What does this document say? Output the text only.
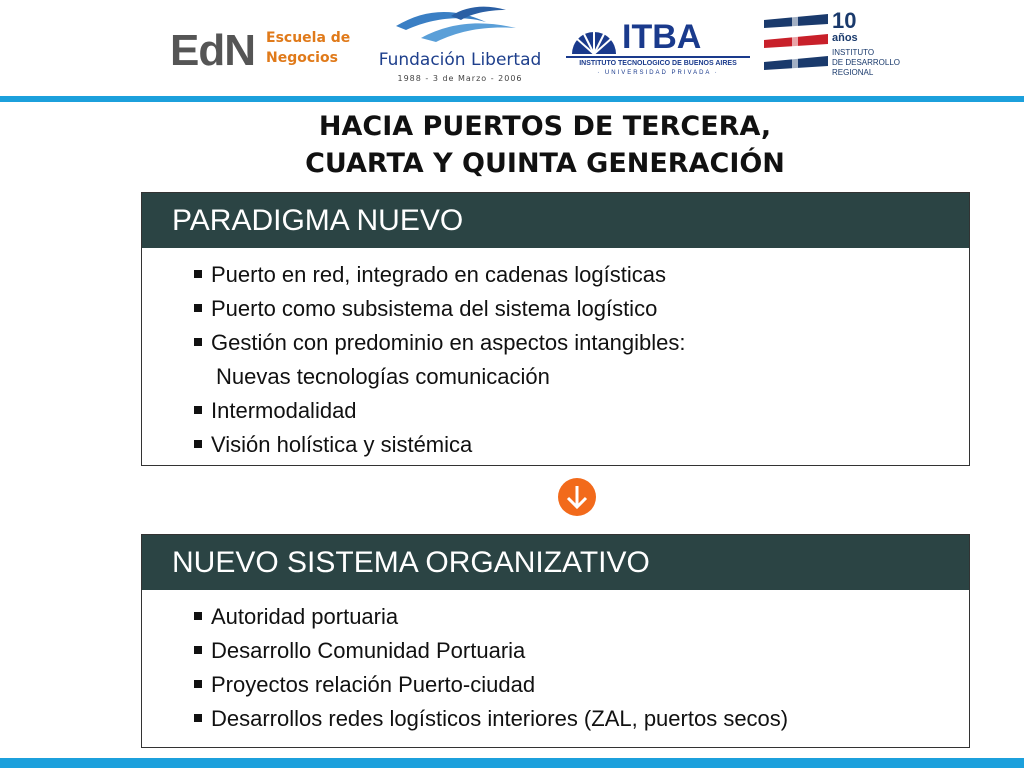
EdN Escuela de
Negocios	Fundación Libertad
1988 - 3 de Marzo - 2006
ITBA
INSTITUTO TECNOLOGICO DE BUENOS AIRES
· UNIVERSIDAD PRIVADA ·
10
años
INSTITUTO
DE DESARROLLO
REGIONAL
HACIA PUERTOS DE TERCERA,
CUARTA Y QUINTA GENERACIÓN
PARADIGMA NUEVO
Puerto en red, integrado en cadenas logísticas
Puerto como subsistema del sistema logístico
Gestión con predominio en aspectos intangibles:
Nuevas tecnologías comunicación
Intermodalidad
Visión holística y sistémica
NUEVO SISTEMA ORGANIZATIVO
Autoridad portuaria
Desarrollo Comunidad Portuaria
Proyectos relación Puerto-ciudad
Desarrollos redes logísticos interiores (ZAL, puertos secos)
